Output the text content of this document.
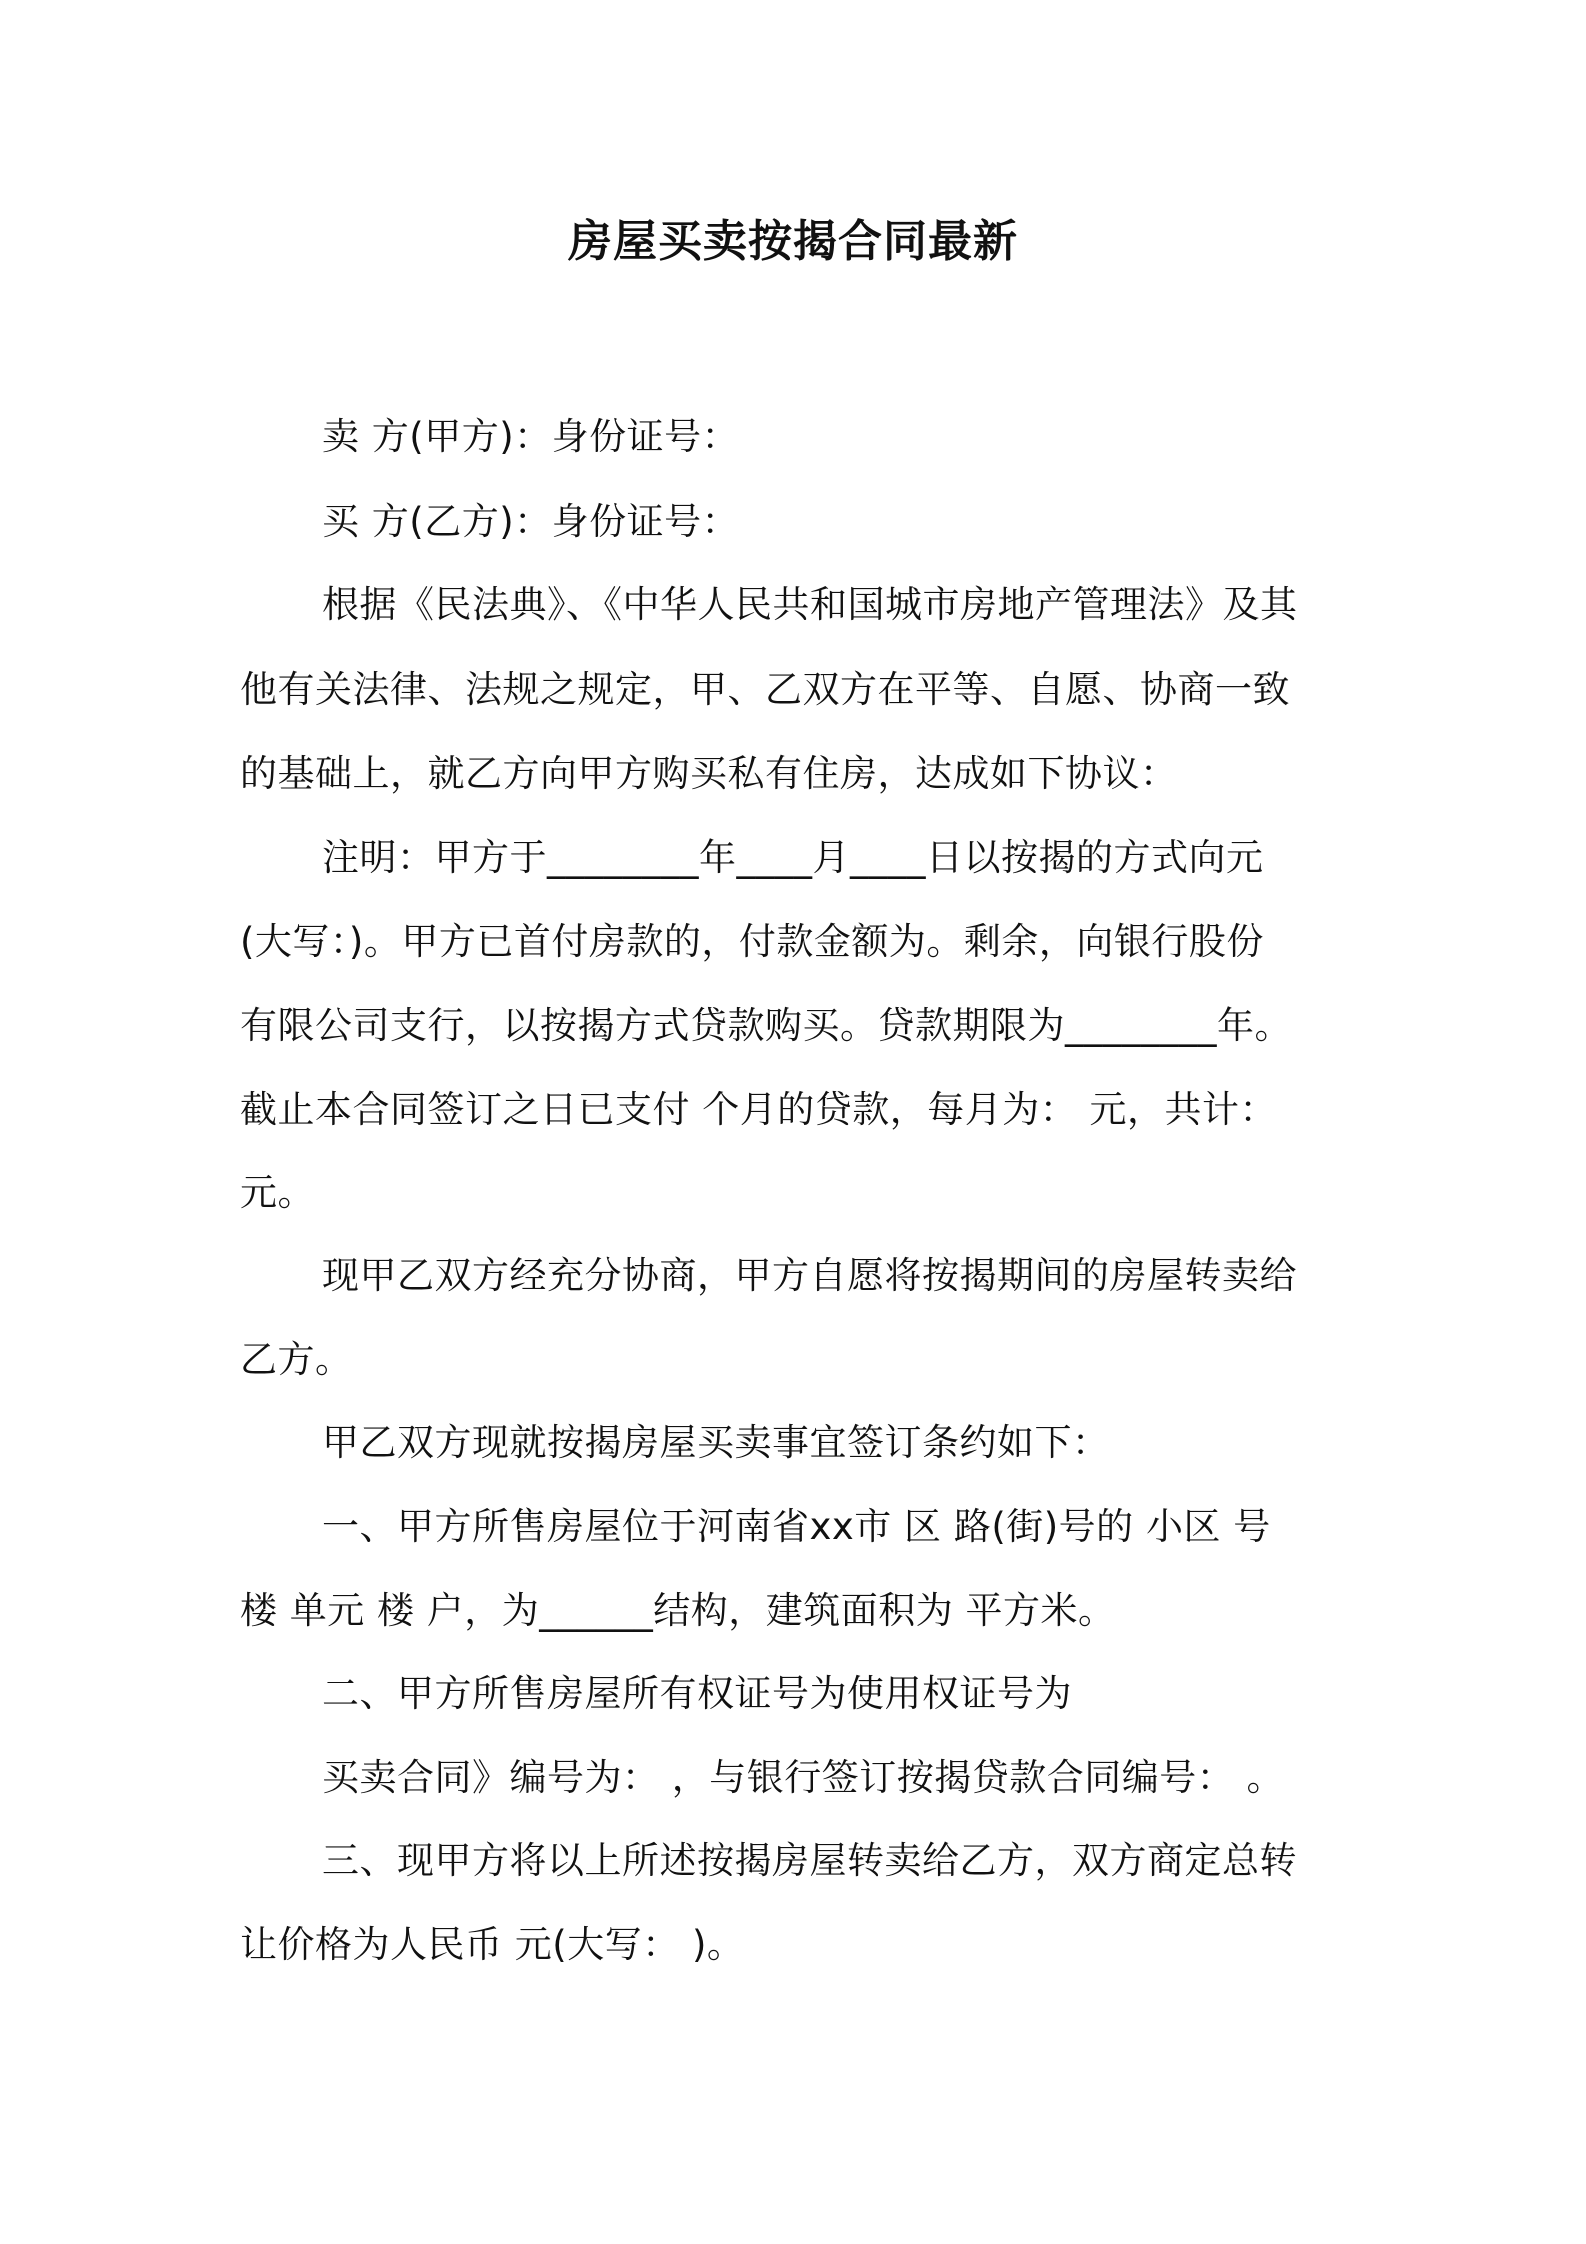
房屋买卖按揭合同最新
卖 方(甲方)：身份证号：
买 方(乙方)：身份证号：
根据《民法典》、《中华人民共和国城市房地产管理法》及其
他有关法律、法规之规定，甲、乙双方在平等、自愿、协商一致
的基础上，就乙方向甲方购买私有住房，达成如下协议：
注明：甲方于________年____月____日以按揭的方式向元
(大写：)。甲方已首付房款的，付款金额为。剩余，向银行股份
有限公司支行，以按揭方式贷款购买。贷款期限为________年。
截止本合同签订之日已支付 个月的贷款，每月为： 元，共计：
元。
现甲乙双方经充分协商，甲方自愿将按揭期间的房屋转卖给
乙方。
甲乙双方现就按揭房屋买卖事宜签订条约如下：
一、甲方所售房屋位于河南省xx市 区 路(街)号的 小区 号
楼 单元 楼 户，为______结构，建筑面积为 平方米。
二、甲方所售房屋所有权证号为使用权证号为
买卖合同》编号为： ，与银行签订按揭贷款合同编号： 。
三、现甲方将以上所述按揭房屋转卖给乙方，双方商定总转
让价格为人民币 元(大写： )。
